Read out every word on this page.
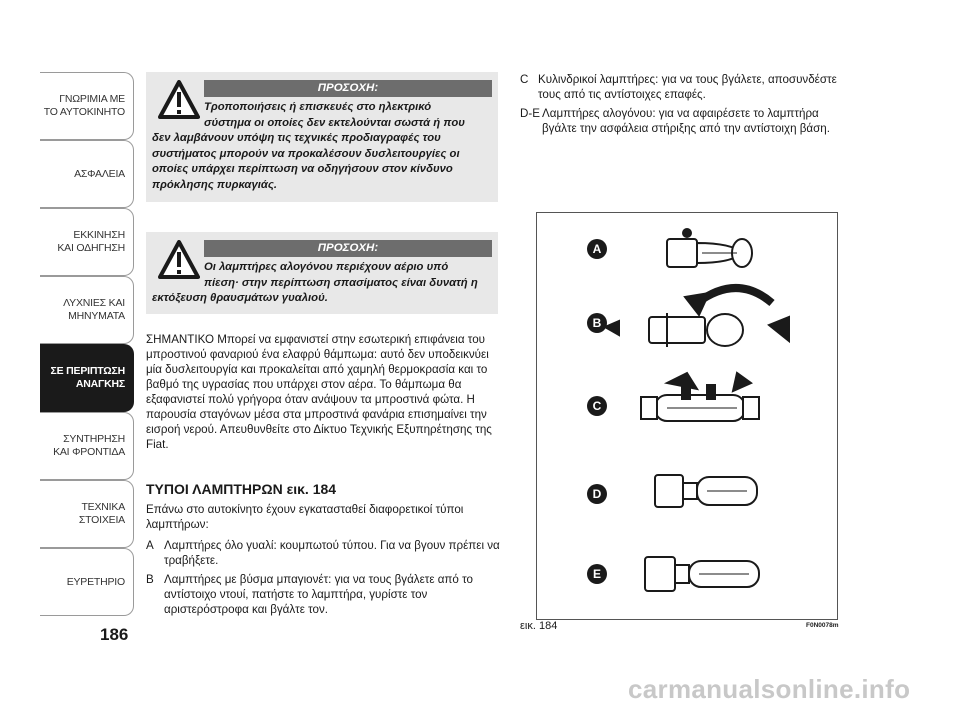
ΓΝΩΡΙΜΙΑ ΜΕ
ΤΟ ΑΥΤΟΚΙΝΗΤΟ
ΑΣΦΑΛΕΙΑ
ΕΚΚΙΝΗΣΗ
ΚΑΙ ΟΔΗΓΗΣΗ
ΛΥΧΝΙΕΣ ΚΑΙ
ΜΗΝΥΜΑΤΑ
ΣΕ ΠΕΡΙΠΤΩΣΗ
ΑΝΑΓΚΗΣ
ΣΥΝΤΗΡΗΣΗ
ΚΑΙ ΦΡΟΝΤΙΔΑ
ΤΕΧΝΙΚΑ
ΣΤΟΙΧΕΙΑ
ΕΥΡΕΤΗΡΙΟ
186
ΠΡΟΣΟΧΗ:
Τροποποιήσεις ή επισκευές στο ηλεκτρικό
σύστημα οι οποίες δεν εκτελούνται σωστά ή που
δεν λαμβάνουν υπόψη τις τεχνικές προδιαγραφές του συστήματος μπορούν να προκαλέσουν δυσλειτουργίες οι οποίες υπάρχει περίπτωση να οδηγήσουν στον κίνδυνο πρόκλησης πυρκαγιάς.
ΠΡΟΣΟΧΗ:
Οι λαμπτήρες αλογόνου περιέχουν αέριο υπό
πίεση· στην περίπτωση σπασίματος είναι δυνατή η
εκτόξευση θραυσμάτων γυαλιού.

ΣΗΜΑΝΤΙΚΟ Μπορεί να εμφανιστεί στην εσωτερική επιφάνεια του μπροστινού φαναριού ένα ελαφρύ θάμπωμα: αυτό δεν υποδεικνύει μία δυσλειτουργία και προκαλείται από χαμηλή θερμοκρασία και το βαθμό της υγρασίας που υπάρχει στον αέρα. Το θάμπωμα θα εξαφανιστεί πολύ γρήγορα όταν ανάψουν τα μπροστινά φώτα. Η παρουσία σταγόνων μέσα στα μπροστινά φανάρια επισημαίνει την εισροή νερού. Απευθυνθείτε στο Δίκτυο Τεχνικής Εξυπηρέτησης της Fiat.

ΤΥΠΟΙ ΛΑΜΠΤΗΡΩΝ εικ. 184

Επάνω στο αυτοκίνητο έχουν εγκατασταθεί διαφορετικοί τύποι λαμπτήρων:

A Λαμπτήρες όλο γυαλί: κουμπωτού τύπου. Για να βγουν πρέπει να τραβήξετε.
B Λαμπτήρες με βύσμα μπαγιονέτ: για να τους βγάλετε από το αντίστοιχο ντουί, πατήστε το λαμπτήρα, γυρίστε τον αριστερόστροφα και βγάλτε τον.
C Κυλινδρικοί λαμπτήρες: για να τους βγάλετε, αποσυνδέστε τους από τις αντίστοιχες επαφές.
D-E Λαμπτήρες αλογόνου: για να αφαιρέσετε το λαμπτήρα βγάλτε την ασφάλεια στήριξης από την αντίστοιχη βάση.
A
B
C
D
E
εικ. 184	F0N0078m
carmanualsonline.info
